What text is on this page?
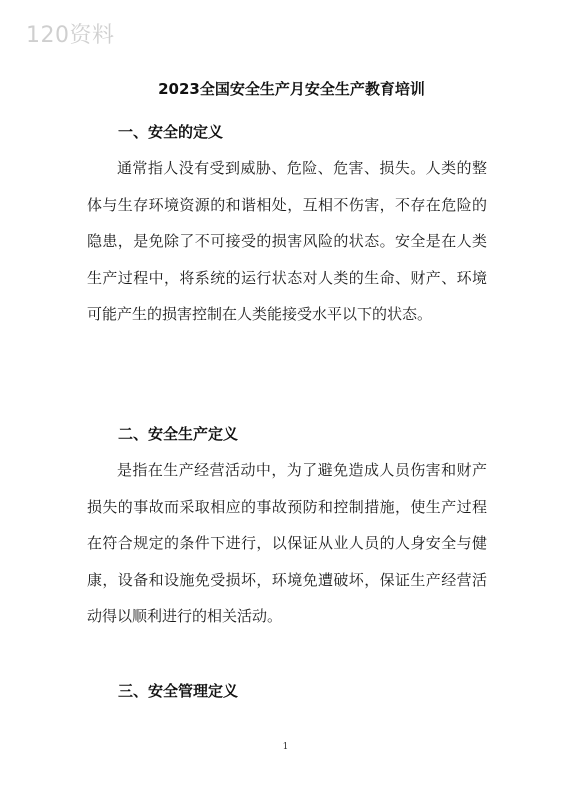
120资料
2023全国安全生产月安全生产教育培训
一、安全的定义

通常指人没有受到威胁、危险、危害、损失。人类的整体与生存环境资源的和谐相处，互相不伤害，不存在危险的隐患，是免除了不可接受的损害风险的状态。安全是在人类生产过程中，将系统的运行状态对人类的生命、财产、环境可能产生的损害控制在人类能接受水平以下的状态。

二、安全生产定义

是指在生产经营活动中，为了避免造成人员伤害和财产损失的事故而采取相应的事故预防和控制措施，使生产过程在符合规定的条件下进行，以保证从业人员的人身安全与健康，设备和设施免受损坏，环境免遭破坏，保证生产经营活动得以顺利进行的相关活动。

三、安全管理定义
1
